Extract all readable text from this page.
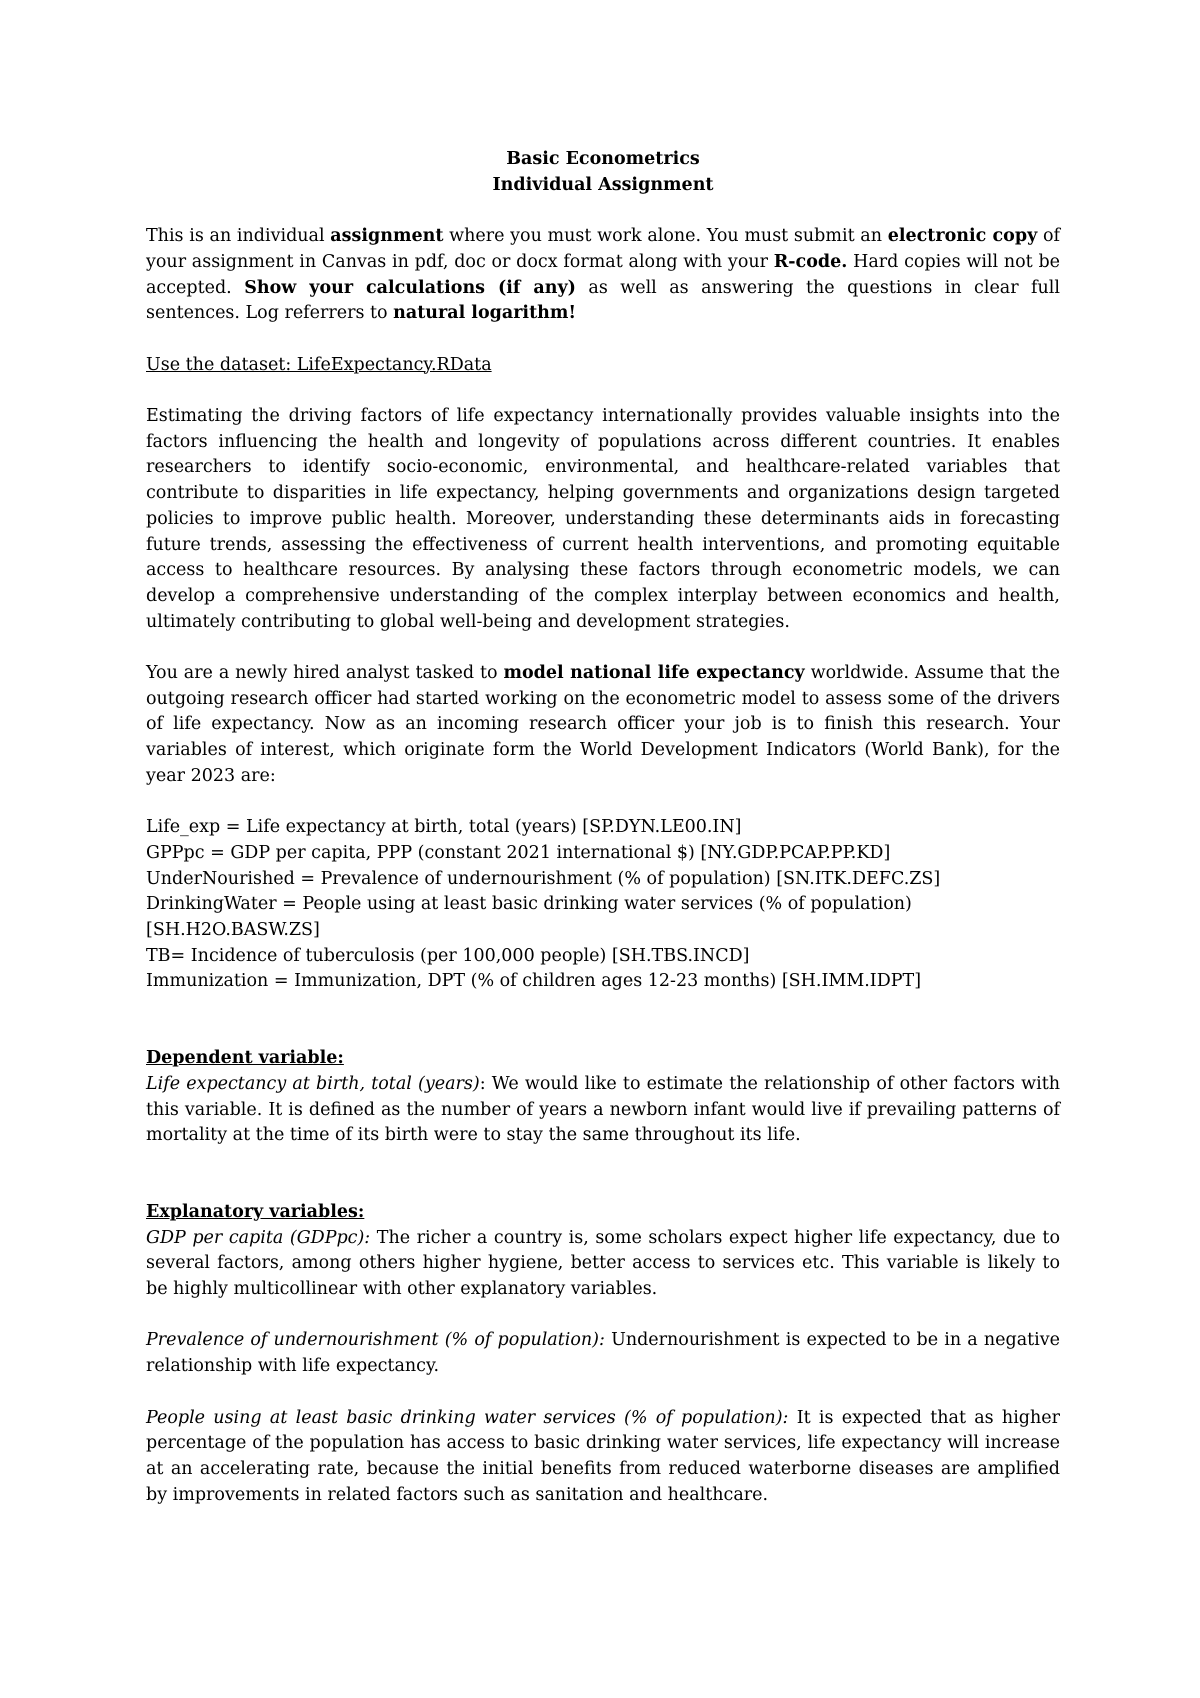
Basic Econometrics

Individual Assignment

This is an individual assignment where you must work alone. You must submit an electronic copy of your assignment in Canvas in pdf, doc or docx format along with your R-code. Hard copies will not be accepted. Show your calculations (if any) as well as answering the questions in clear full sentences. Log referrers to natural logarithm!

Use the dataset: LifeExpectancy.RData

Estimating the driving factors of life expectancy internationally provides valuable insights into the factors influencing the health and longevity of populations across different countries. It enables researchers to identify socio-economic, environmental, and healthcare-related variables that contribute to disparities in life expectancy, helping governments and organizations design targeted policies to improve public health. Moreover, understanding these determinants aids in forecasting future trends, assessing the effectiveness of current health interventions, and promoting equitable access to healthcare resources. By analysing these factors through econometric models, we can develop a comprehensive understanding of the complex interplay between economics and health, ultimately contributing to global well-being and development strategies.

You are a newly hired analyst tasked to model national life expectancy worldwide. Assume that the outgoing research officer had started working on the econometric model to assess some of the drivers of life expectancy. Now as an incoming research officer your job is to finish this research. Your variables of interest, which originate form the World Development Indicators (World Bank), for the year 2023 are:

Life_exp = Life expectancy at birth, total (years) [SP.DYN.LE00.IN]

GPPpc = GDP per capita, PPP (constant 2021 international $) [NY.GDP.PCAP.PP.KD]

UnderNourished = Prevalence of undernourishment (% of population) [SN.ITK.DEFC.ZS]

DrinkingWater = People using at least basic drinking water services (% of population) [SH.H2O.BASW.ZS]

TB= Incidence of tuberculosis (per 100,000 people) [SH.TBS.INCD]

Immunization = Immunization, DPT (% of children ages 12-23 months) [SH.IMM.IDPT]

Dependent variable:

Life expectancy at birth, total (years): We would like to estimate the relationship of other factors with this variable. It is defined as the number of years a newborn infant would live if prevailing patterns of mortality at the time of its birth were to stay the same throughout its life.

Explanatory variables:

GDP per capita (GDPpc): The richer a country is, some scholars expect higher life expectancy, due to several factors, among others higher hygiene, better access to services etc. This variable is likely to be highly multicollinear with other explanatory variables.

Prevalence of undernourishment (% of population): Undernourishment is expected to be in a negative relationship with life expectancy.

People using at least basic drinking water services (% of population): It is expected that as higher percentage of the population has access to basic drinking water services, life expectancy will increase at an accelerating rate, because the initial benefits from reduced waterborne diseases are amplified by improvements in related factors such as sanitation and healthcare.
